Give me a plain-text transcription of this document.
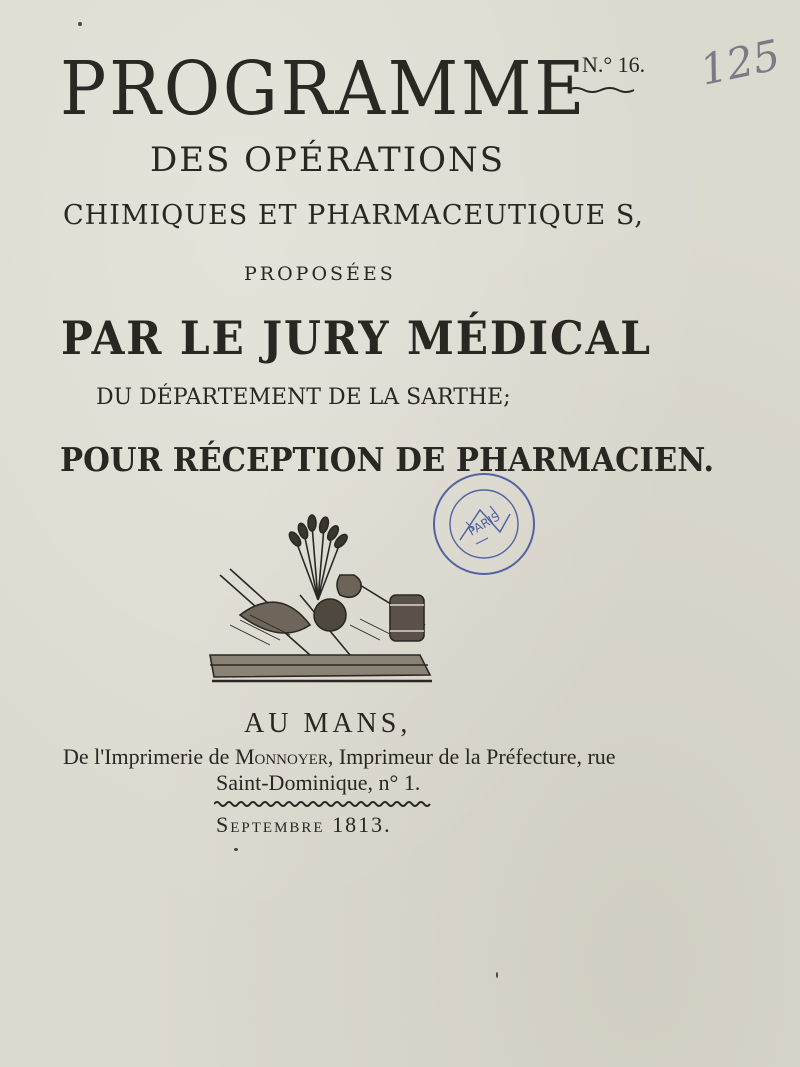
PROGRAMME
N.° 16. 125
DES OPÉRATIONS
CHIMIQUES ET PHARMACEUTIQUE S,
PROPOSÉES
PAR LE JURY MÉDICAL
DU DÉPARTEMENT DE LA SARTHE;
POUR RÉCEPTION DE PHARMACIEN.
PARIS
AU MANS,
De l'Imprimerie de Monnoyer, Imprimeur de la Préfecture, rue
Saint-Dominique, n° 1.
Septembre 1813.
